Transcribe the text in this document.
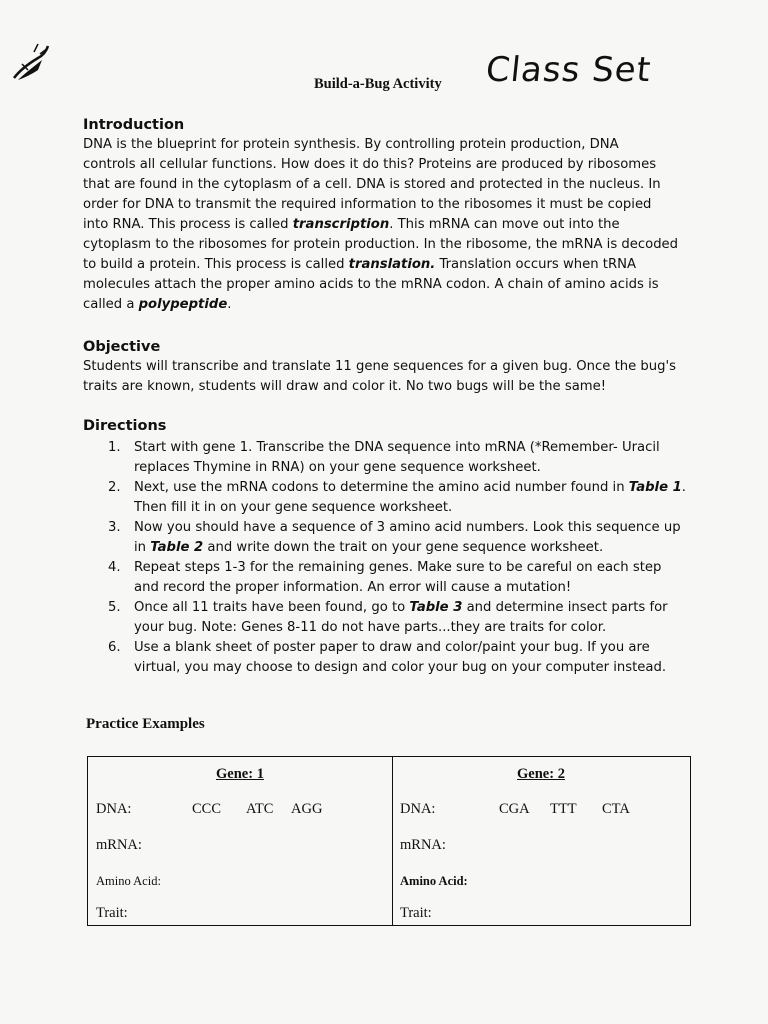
Build-a-Bug Activity Class Set
Introduction
DNA is the blueprint for protein synthesis. By controlling protein production, DNA
controls all cellular functions. How does it do this? Proteins are produced by ribosomes
that are found in the cytoplasm of a cell. DNA is stored and protected in the nucleus. In
order for DNA to transmit the required information to the ribosomes it must be copied
into RNA. This process is called transcription. This mRNA can move out into the
cytoplasm to the ribosomes for protein production. In the ribosome, the mRNA is decoded
to build a protein. This process is called translation. Translation occurs when tRNA
molecules attach the proper amino acids to the mRNA codon. A chain of amino acids is
called a polypeptide.
Objective
Students will transcribe and translate 11 gene sequences for a given bug. Once the bug's
traits are known, students will draw and color it. No two bugs will be the same!
Directions
1. Start with gene 1. Transcribe the DNA sequence into mRNA (*Remember- Uracil
replaces Thymine in RNA) on your gene sequence worksheet.
2. Next, use the mRNA codons to determine the amino acid number found in Table 1.
Then fill it in on your gene sequence worksheet.
3. Now you should have a sequence of 3 amino acid numbers. Look this sequence up
in Table 2 and write down the trait on your gene sequence worksheet.
4. Repeat steps 1-3 for the remaining genes. Make sure to be careful on each step
and record the proper information. An error will cause a mutation!
5. Once all 11 traits have been found, go to Table 3 and determine insect parts for
your bug. Note: Genes 8-11 do not have parts...they are traits for color.
6. Use a blank sheet of poster paper to draw and color/paint your bug. If you are
virtual, you may choose to design and color your bug on your computer instead.
Practice Examples
Gene: 1
DNA:	CCC ATC AGG
mRNA:
Amino Acid:
Trait:
Gene: 2
DNA:	CGA TTT CTA
mRNA:
Amino Acid:
Trait:
